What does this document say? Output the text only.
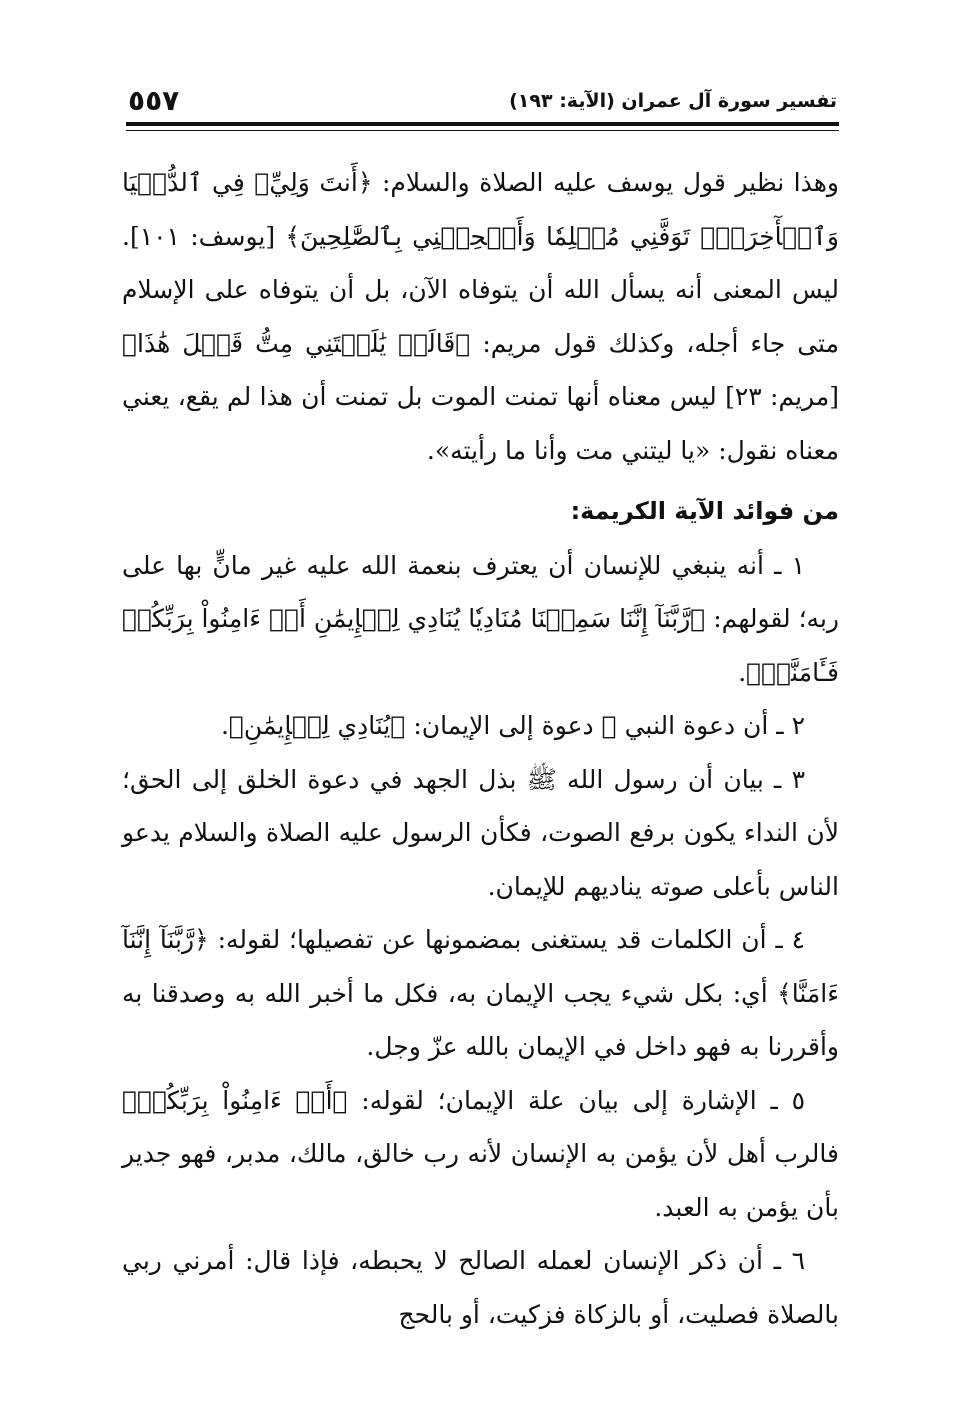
تفسير سورة آل عمران (الآية: ١٩٣)
٥٥٧

وهذا نظير قول يوسف عليه الصلاة والسلام: ﴿أَنتَ وَلِيِّۦ فِي ٱلدُّنۡيَا وَٱلۡأٓخِرَةِۖ تَوَفَّنِي مُسۡلِمٗا وَأَلۡحِقۡنِي بِٱلصَّٰلِحِينَ﴾ [يوسف: ١٠١]. ليس المعنى أنه يسأل الله أن يتوفاه الآن، بل أن يتوفاه على الإسلام متى جاء أجله، وكذلك قول مريم: ﴿قَالَتۡ يَٰلَيۡتَنِي مِتُّ قَبۡلَ هَٰذَا﴾ [مريم: ٢٣] ليس معناه أنها تمنت الموت بل تمنت أن هذا لم يقع، يعني معناه نقول: «يا ليتني مت وأنا ما رأيته».

من فوائد الآية الكريمة:

١ ـ أنه ينبغي للإنسان أن يعترف بنعمة الله عليه غير مانٍّ بها على ربه؛ لقولهم: ﴿رَّبَّنَآ إِنَّنَا سَمِعۡنَا مُنَادِيٗا يُنَادِي لِلۡإِيمَٰنِ أَنۡ ءَامِنُواْ بِرَبِّكُمۡ فَـَٔامَنَّاۚ﴾.

٢ ـ أن دعوة النبي ﷺ دعوة إلى الإيمان: ﴿يُنَادِي لِلۡإِيمَٰنِ﴾.

٣ ـ بيان أن رسول الله ﷺ بذل الجهد في دعوة الخلق إلى الحق؛ لأن النداء يكون برفع الصوت، فكأن الرسول عليه الصلاة والسلام يدعو الناس بأعلى صوته يناديهم للإيمان.

٤ ـ أن الكلمات قد يستغنى بمضمونها عن تفصيلها؛ لقوله: ﴿رَّبَّنَآ إِنَّنَآ ءَامَنَّا﴾ أي: بكل شيء يجب الإيمان به، فكل ما أخبر الله به وصدقنا به وأقررنا به فهو داخل في الإيمان بالله عزّ وجل.

٥ ـ الإشارة إلى بيان علة الإيمان؛ لقوله: ﴿أَنۡ ءَامِنُواْ بِرَبِّكُمۡ﴾ فالرب أهل لأن يؤمن به الإنسان لأنه رب خالق، مالك، مدبر، فهو جدير بأن يؤمن به العبد.

٦ ـ أن ذكر الإنسان لعمله الصالح لا يحبطه، فإذا قال: أمرني ربي بالصلاة فصليت، أو بالزكاة فزكيت، أو بالحج
